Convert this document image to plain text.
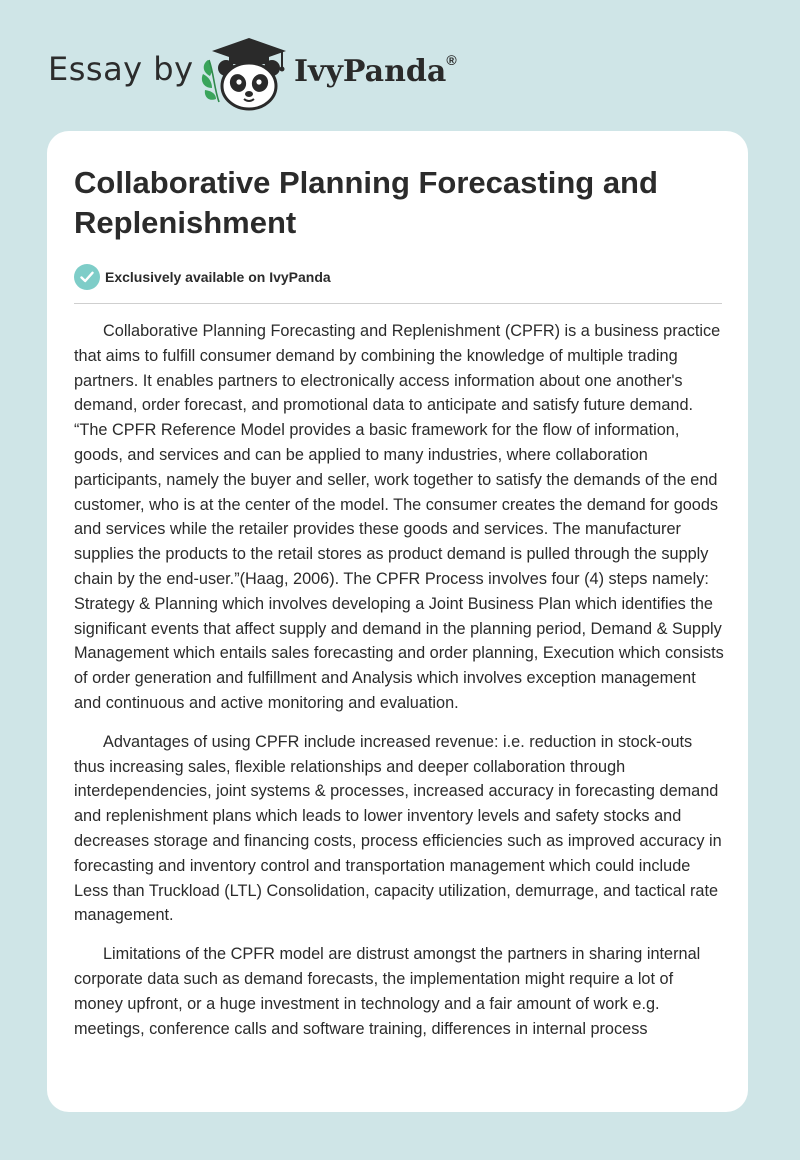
Essay by	IvyPanda®
Collaborative Planning Forecasting and Replenishment
Exclusively available on IvyPanda

Collaborative Planning Forecasting and Replenishment (CPFR) is a business practice that aims to fulfill consumer demand by combining the knowledge of multiple trading partners. It enables partners to electronically access information about one another's demand, order forecast, and promotional data to anticipate and satisfy future demand. “The CPFR Reference Model provides a basic framework for the flow of information, goods, and services and can be applied to many industries, where collaboration participants, namely the buyer and seller, work together to satisfy the demands of the end customer, who is at the center of the model. The consumer creates the demand for goods and services while the retailer provides these goods and services. The manufacturer supplies the products to the retail stores as product demand is pulled through the supply chain by the end-user.”(Haag, 2006). The CPFR Process involves four (4) steps namely: Strategy & Planning which involves developing a Joint Business Plan which identifies the significant events that affect supply and demand in the planning period, Demand & Supply Management which entails sales forecasting and order planning, Execution which consists of order generation and fulfillment and Analysis which involves exception management and continuous and active monitoring and evaluation.

Advantages of using CPFR include increased revenue: i.e. reduction in stock-outs thus increasing sales, flexible relationships and deeper collaboration through interdependencies, joint systems & processes, increased accuracy in forecasting demand and replenishment plans which leads to lower inventory levels and safety stocks and decreases storage and financing costs, process efficiencies such as improved accuracy in forecasting and inventory control and transportation management which could include Less than Truckload (LTL) Consolidation, capacity utilization, demurrage, and tactical rate management.

Limitations of the CPFR model are distrust amongst the partners in sharing internal corporate data such as demand forecasts, the implementation might require a lot of money upfront, or a huge investment in technology and a fair amount of work e.g. meetings, conference calls and software training, differences in internal process
